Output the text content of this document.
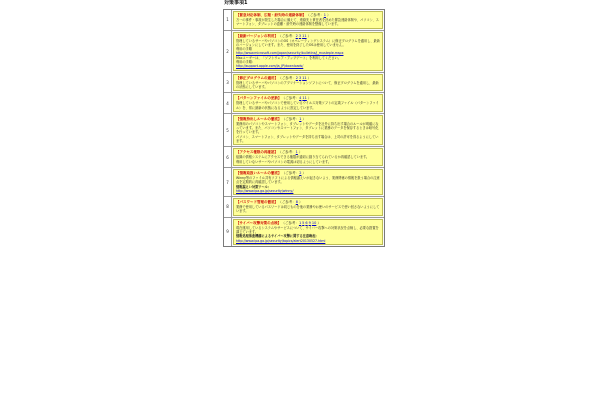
対策事項1
1
【緊急対応体制、広報・紛失時の連絡体制】 （ご参考：1）
万一の事件・事故が発生した場合に備えて、連絡先と責任者を決めた緊急連絡体制や、パソコン、スマートフォン、タブレットの盗難・紛失時の連絡体制を整備しています。
2
【最新バージョンの利用】 （ご参考：2311）
管理しているサーバやパソコンのOS（オペレーティングシステム）に修正プログラムを適用し、最新のバージョンにしています。また、使用を終了したOSは使用していません。
利用の手順
http://www.microsoft.com/japan/security/bulletins/j_musteple.mspx
Macユーザーは、「ソフトウェア・アップデート」を利用してください。
利用の手順：
http://support.apple.com/ja_JP/downloads/
3
【修正プログラムの適用】 （ご参考：2311）
管理しているサーバやパソコンのアプリケーションソフトについて、修正プログラムを適用し、最新の状態にしています。
4
【パターンファイルの更新】 （ご参考：411）
管理しているサーバやパソコンで使用しているウイルス対策ソフトの定義ファイル（パターンファイル）を、常に最新の状態になるように設定しています。
5
【情報持出しルールの徹底】 （ご参考：1）
業務用のパソコンやスマートフォン、タブレットやデータを社外に持ち出す場合のルールが明確になっています。また、パソコンやスマートフォン、タブレットに業務のデータを保存するときは暗号化を行っています。
パソコン、スマートフォン、タブレットやデータを持ち出す場合は、上司の許可を得るようにしています。
6
【アクセス権限の再確認】 （ご参考：1）
組織の情報システムにアクセスできる権限が適切に割り当てられているか再確認しています。
利用していないサーバやパソコンの電源は切るようにしています。
7
【情報取扱いルールの徹底】 （ご参考：2）
Winny等のファイル共有ソフトによる情報漏えいが起きないよう、業務関係の情報を扱う場合の注意点を定期的に再確認しています。
情報漏えい対策ツール：
http://www.ipa.go.jp/security/winny/
8
【パスワード管理の徹底】 （ご参考：8）
業務で使用しているパスワードは同じものを他の業務やお使いのサービスで使い回さないようにしています。
9
【サイバー攻撃対策の点検】 （ご参考：156910）
現在運用しているシステムやサービスについて、サイバー攻撃への対策状況を点検し、必要な措置を講じています。
情報処理推進機構によるサイバー攻撃に関する注意喚起：
http://www.ipa.go.jp/security/topics/alert20130527.html
